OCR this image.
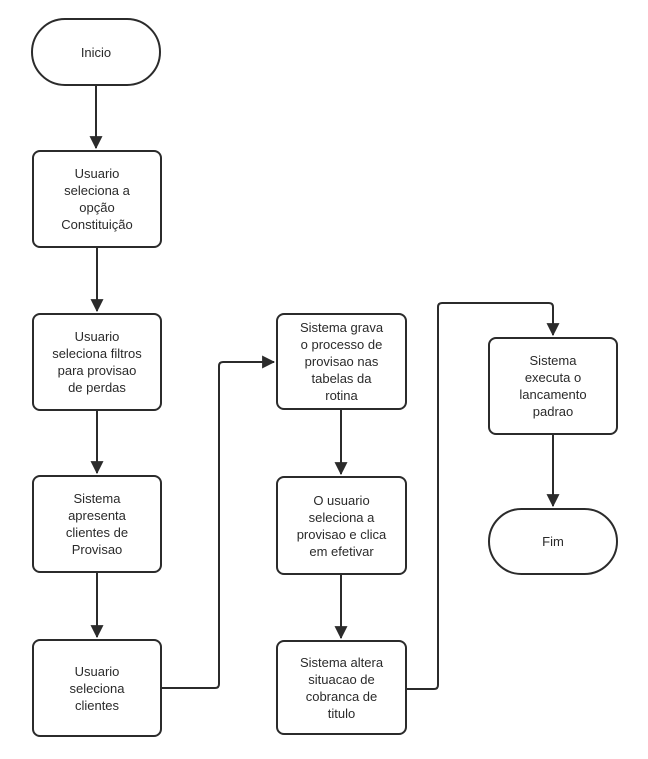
Inicio
Usuario seleciona a opção Constituição
Usuario seleciona filtros para provisao de perdas
Sistema apresenta clientes de Provisao
Usuario seleciona clientes
Sistema grava o processo de provisao nas tabelas da rotina
O usuario seleciona a provisao e clica em efetivar
Sistema altera situacao de cobranca de titulo
Sistema executa o lancamento padrao
Fim
